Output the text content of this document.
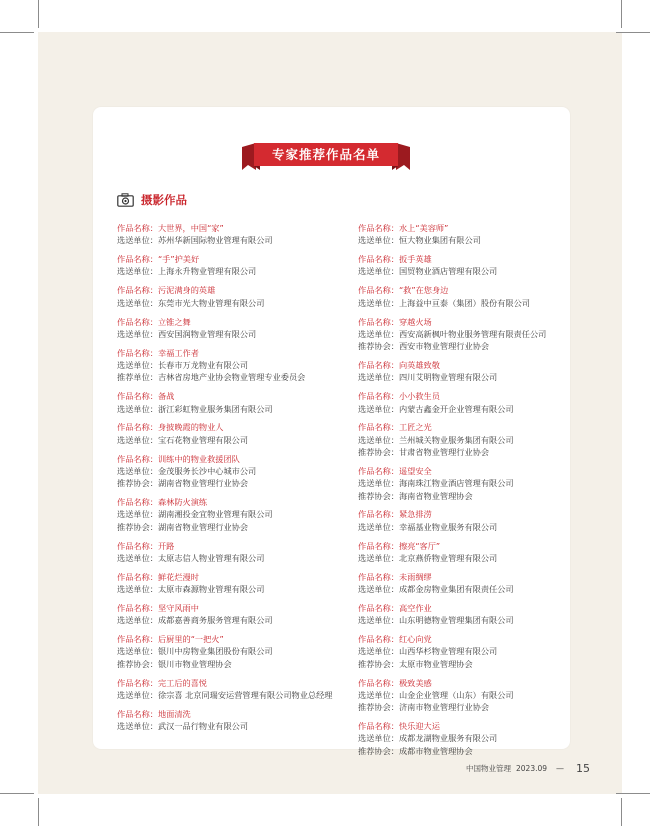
专家推荐作品名单
摄影作品
作品名称：大世界，中国“家”
选送单位：苏州华新国际物业管理有限公司
作品名称：“手”护美好
选送单位：上海永升物业管理有限公司
作品名称：污泥满身的英雄
选送单位：东莞市光大物业管理有限公司
作品名称：立锥之舞
选送单位：西安国润物业管理有限公司
作品名称：幸福工作者
选送单位：长春市万龙物业有限公司
推荐单位：吉林省房地产业协会物业管理专业委员会
作品名称：备战
选送单位：浙江彩虹物业服务集团有限公司
作品名称：身披晚霞的物业人
选送单位：宝石花物业管理有限公司
作品名称：训练中的物业救援团队
选送单位：金茂服务长沙中心城市公司
推荐协会：湖南省物业管理行业协会
作品名称：森林防火演练
选送单位：湖南湘投金宜物业管理有限公司
推荐协会：湖南省物业管理行业协会
作品名称：开路
选送单位：太原志信人物业管理有限公司
作品名称：鲜花烂漫时
选送单位：太原市森源物业管理有限公司
作品名称：坚守风雨中
选送单位：成都嘉善商务服务管理有限公司
作品名称：后厨里的“一把火”
选送单位：银川中房物业集团股份有限公司
推荐协会：银川市物业管理协会
作品名称：完工后的喜悦
选送单位：徐宗喜 北京同瑞安运营管理有限公司物业总经理
作品名称：地面清洗
选送单位：武汉一品行物业有限公司
作品名称：水上“美容师”
选送单位：恒大物业集团有限公司
作品名称：扳手英雄
选送单位：国贸物业酒店管理有限公司
作品名称：“救”在您身边
选送单位：上海益中亘泰（集团）股份有限公司
作品名称：穿越火场
选送单位：西安高新枫叶物业服务管理有限责任公司
推荐协会：西安市物业管理行业协会
作品名称：向英雄致敬
选送单位：四川艾明物业管理有限公司
作品名称：小小救生员
选送单位：内蒙古鑫金开企业管理有限公司
作品名称：工匠之光
选送单位：兰州城关物业服务集团有限公司
推荐协会：甘肃省物业管理行业协会
作品名称：遥望安全
选送单位：海南珠江物业酒店管理有限公司
推荐协会：海南省物业管理协会
作品名称：紧急排涝
选送单位：幸福基业物业服务有限公司
作品名称：擦亮“客厅”
选送单位：北京燕侨物业管理有限公司
作品名称：未雨绸缪
选送单位：成都金房物业集团有限责任公司
作品名称：高空作业
选送单位：山东明德物业管理集团有限公司
作品名称：红心向党
选送单位：山西华杉物业管理有限公司
推荐协会：太原市物业管理协会
作品名称：极致美感
选送单位：山金企业管理（山东）有限公司
推荐协会：济南市物业管理行业协会
作品名称：快乐迎大运
选送单位：成都龙湖物业服务有限公司
推荐协会：成都市物业管理协会
中国物业管理 2023.09 — 15
